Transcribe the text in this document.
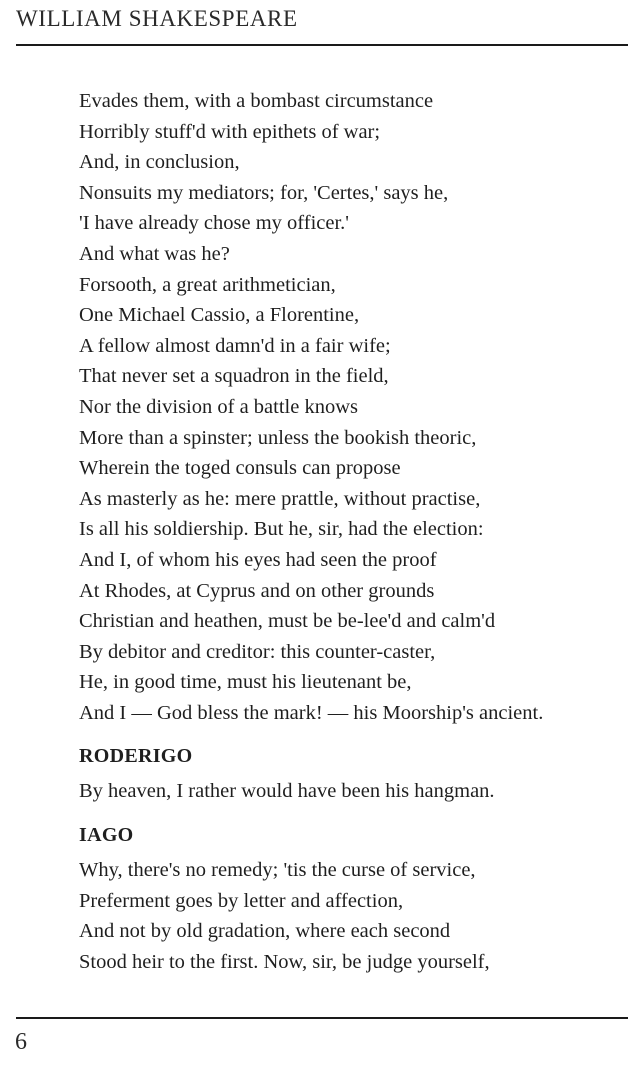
WILLIAM SHAKESPEARE
Evades them, with a bombast circumstance
Horribly stuff'd with epithets of war;
And, in conclusion,
Nonsuits my mediators; for, 'Certes,' says he,
'I have already chose my officer.'
And what was he?
Forsooth, a great arithmetician,
One Michael Cassio, a Florentine,
A fellow almost damn'd in a fair wife;
That never set a squadron in the field,
Nor the division of a battle knows
More than a spinster; unless the bookish theoric,
Wherein the toged consuls can propose
As masterly as he: mere prattle, without practise,
Is all his soldiership. But he, sir, had the election:
And I, of whom his eyes had seen the proof
At Rhodes, at Cyprus and on other grounds
Christian and heathen, must be be-lee'd and calm'd
By debitor and creditor: this counter-caster,
He, in good time, must his lieutenant be,
And I — God bless the mark! — his Moorship's ancient.
RODERIGO
By heaven, I rather would have been his hangman.
IAGO
Why, there's no remedy; 'tis the curse of service,
Preferment goes by letter and affection,
And not by old gradation, where each second
Stood heir to the first. Now, sir, be judge yourself,
6
